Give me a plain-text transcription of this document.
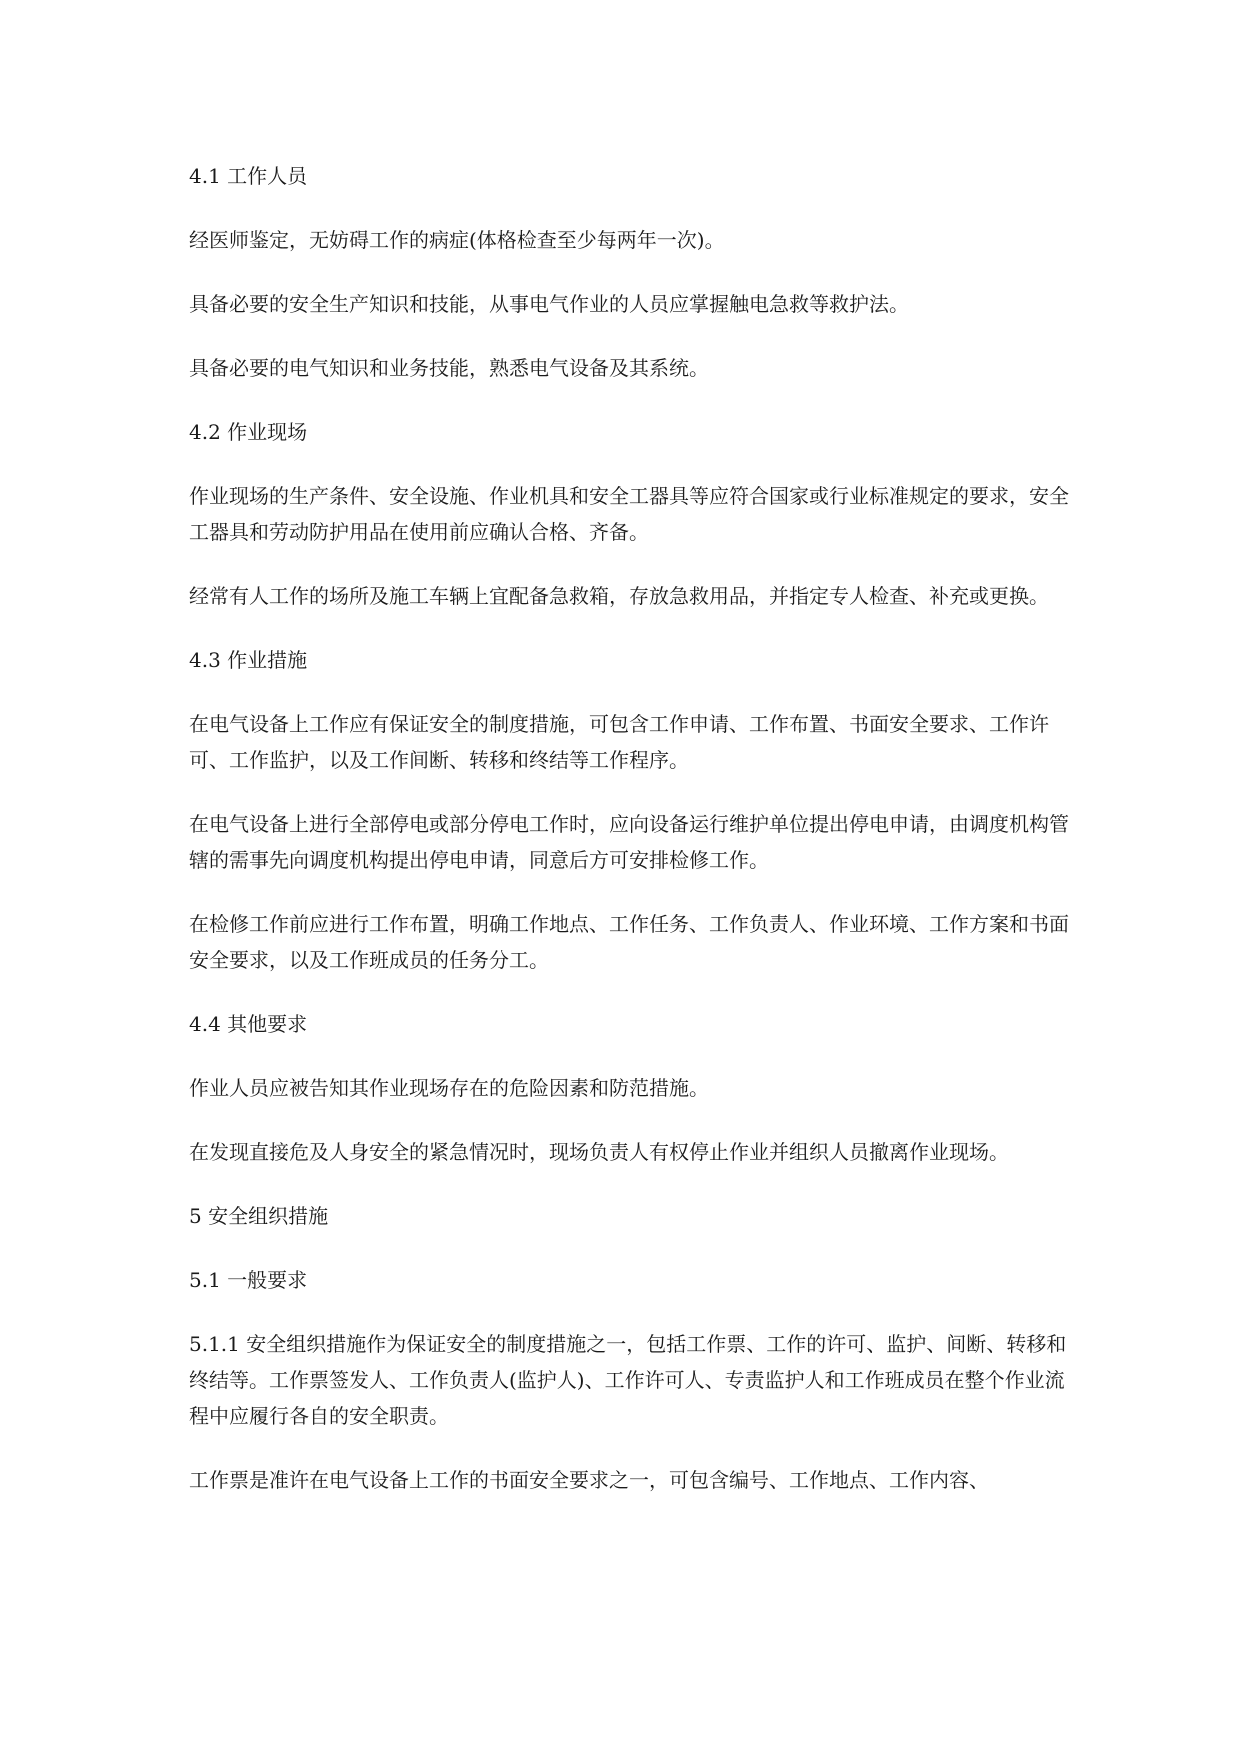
4.1 工作人员

经医师鉴定，无妨碍工作的病症(体格检查至少每两年一次)。

具备必要的安全生产知识和技能，从事电气作业的人员应掌握触电急救等救护法。

具备必要的电气知识和业务技能，熟悉电气设备及其系统。

4.2 作业现场

作业现场的生产条件、安全设施、作业机具和安全工器具等应符合国家或行业标准规定的要求，安全工器具和劳动防护用品在使用前应确认合格、齐备。

经常有人工作的场所及施工车辆上宜配备急救箱，存放急救用品，并指定专人检查、补充或更换。

4.3 作业措施

在电气设备上工作应有保证安全的制度措施，可包含工作申请、工作布置、书面安全要求、工作许可、工作监护，以及工作间断、转移和终结等工作程序。

在电气设备上进行全部停电或部分停电工作时，应向设备运行维护单位提出停电申请，由调度机构管辖的需事先向调度机构提出停电申请，同意后方可安排检修工作。

在检修工作前应进行工作布置，明确工作地点、工作任务、工作负责人、作业环境、工作方案和书面安全要求，以及工作班成员的任务分工。

4.4 其他要求

作业人员应被告知其作业现场存在的危险因素和防范措施。

在发现直接危及人身安全的紧急情况时，现场负责人有权停止作业并组织人员撤离作业现场。

5 安全组织措施

5.1 一般要求

5.1.1 安全组织措施作为保证安全的制度措施之一，包括工作票、工作的许可、监护、间断、转移和终结等。工作票签发人、工作负责人(监护人)、工作许可人、专责监护人和工作班成员在整个作业流程中应履行各自的安全职责。

工作票是准许在电气设备上工作的书面安全要求之一，可包含编号、工作地点、工作内容、
